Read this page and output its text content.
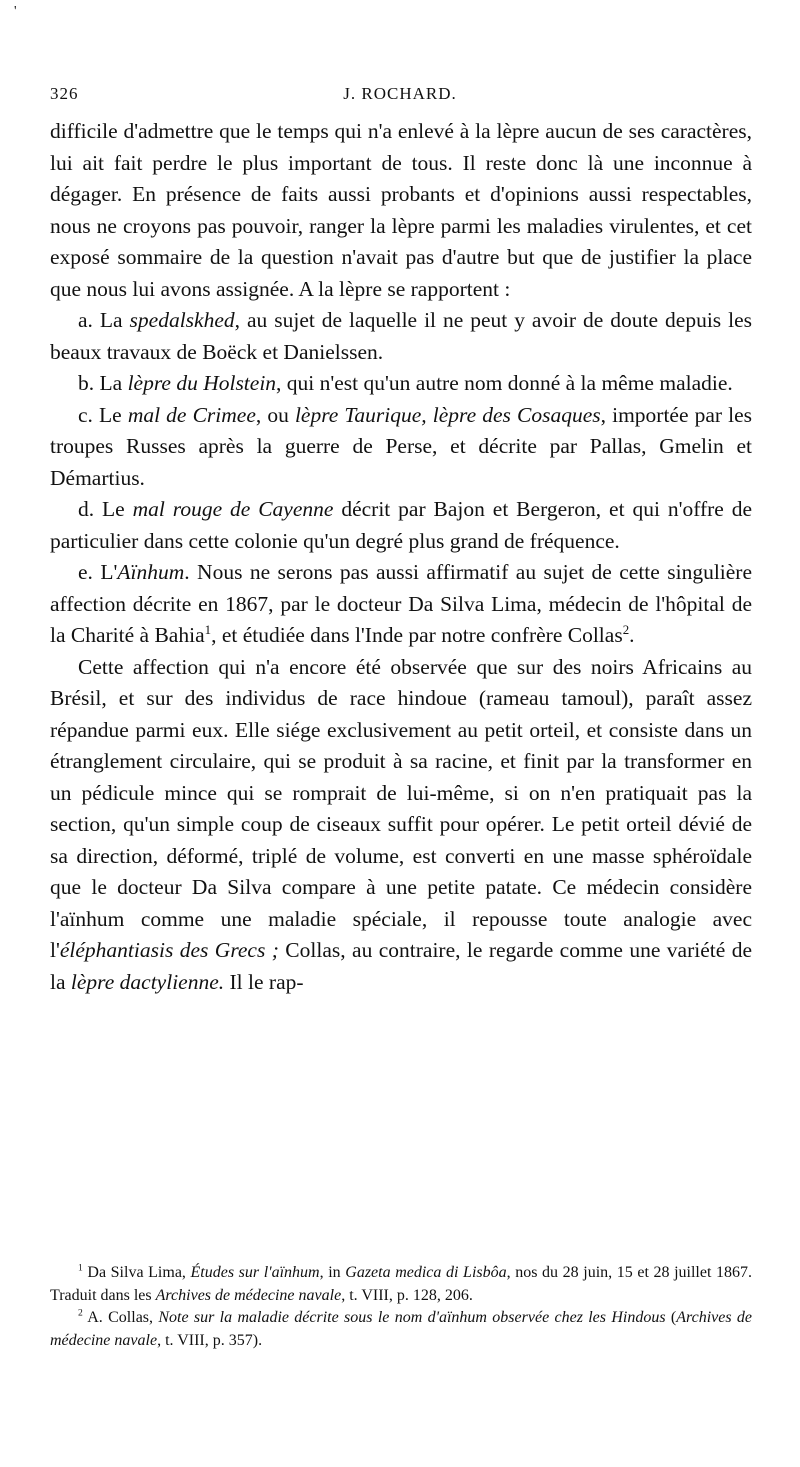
'
326	J. ROCHARD.

difficile d'admettre que le temps qui n'a enlevé à la lèpre aucun de ses caractères, lui ait fait perdre le plus important de tous. Il reste donc là une inconnue à dégager. En présence de faits aussi probants et d'opinions aussi respectables, nous ne croyons pas pouvoir, ranger la lèpre parmi les maladies virulentes, et cet exposé sommaire de la question n'avait pas d'autre but que de justifier la place que nous lui avons assignée. A la lèpre se rapportent :

a. La spedalskhed, au sujet de laquelle il ne peut y avoir de doute depuis les beaux travaux de Boëck et Danielssen.

b. La lèpre du Holstein, qui n'est qu'un autre nom donné à la même maladie.

c. Le mal de Crimee, ou lèpre Taurique, lèpre des Cosaques, importée par les troupes Russes après la guerre de Perse, et décrite par Pallas, Gmelin et Démartius.

d. Le mal rouge de Cayenne décrit par Bajon et Bergeron, et qui n'offre de particulier dans cette colonie qu'un degré plus grand de fréquence.

e. L'Aïnhum. Nous ne serons pas aussi affirmatif au sujet de cette singulière affection décrite en 1867, par le docteur Da Silva Lima, médecin de l'hôpital de la Charité à Bahia$^1$, et étudiée dans l'Inde par notre confrère Collas$^2$.

Cette affection qui n'a encore été observée que sur des noirs Africains au Brésil, et sur des individus de race hindoue (rameau tamoul), paraît assez répandue parmi eux. Elle siége exclusivement au petit orteil, et consiste dans un étranglement circulaire, qui se produit à sa racine, et finit par la transformer en un pédicule mince qui se romprait de lui-même, si on n'en pratiquait pas la section, qu'un simple coup de ciseaux suffit pour opérer. Le petit orteil dévié de sa direction, déformé, triplé de volume, est converti en une masse sphéroïdale que le docteur Da Silva compare à une petite patate. Ce médecin considère l'aïnhum comme une maladie spéciale, il repousse toute analogie avec l'éléphantiasis des Grecs ; Collas, au contraire, le regarde comme une variété de la lèpre dactylienne. Il le rap-

$^1$ Da Silva Lima, Études sur l'aïnhum, in Gazeta medica di Lisbôa, nos du 28 juin, 15 et 28 juillet 1867. Traduit dans les Archives de médecine navale, t. VIII, p. 128, 206.

$^2$ A. Collas, Note sur la maladie décrite sous le nom d'aïnhum observée chez les Hindous (Archives de médecine navale, t. VIII, p. 357).
